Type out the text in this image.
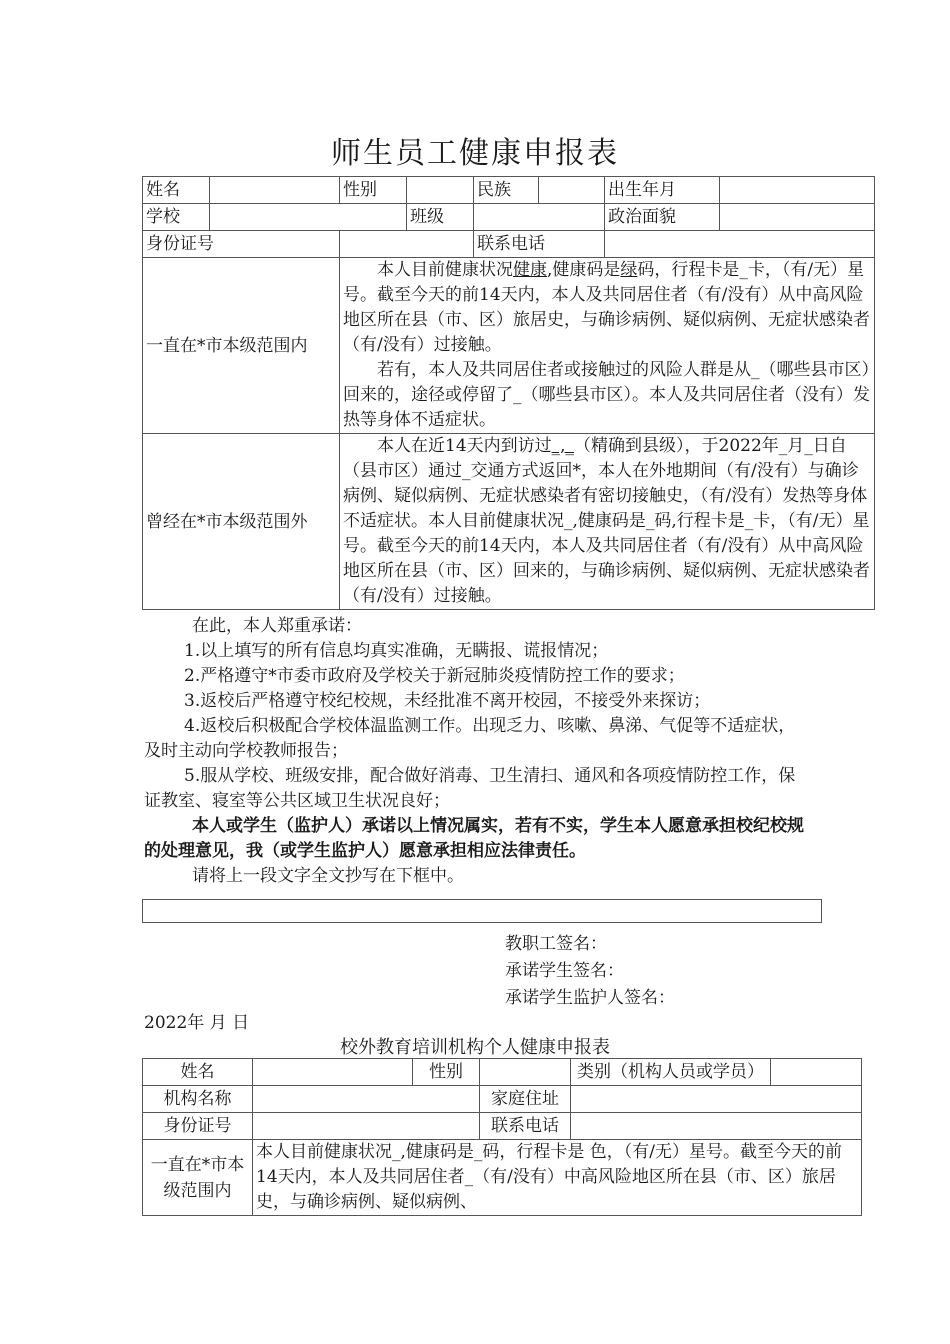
师生员工健康申报表
姓名		性别		民族		出生年月	
学校			班级			政治面貌	
身份证号				联系电话			
一直在*市本级范围内		本人目前健康状况健康,健康码是绿码，行程卡是_卡，（有/无）星号。截至今天的前14天内，本人及共同居住者（有/没有）从中高风险地区所在县（市、区）旅居史，与确诊病例、疑似病例、无症状感染者（有/没有）过接触。

若有，本人及共同居住者或接触过的风险人群是从_（哪些县市区）回来的，途径或停留了_（哪些县市区）。本人及共同居住者（没有）发热等身体不适症状。					

曾经在*市本级范围外		本人在近14天内到访过_,_（精确到县级），于2022年_月_日自（县市区）通过_交通方式返回*，本人在外地期间（有/没有）与确诊病例、疑似病例、无症状感染者有密切接触史，（有/没有）发热等身体不适症状。本人目前健康状况_,健康码是_码,行程卡是_卡，（有/无）星号。截至今天的前14天内，本人及共同居住者（有/没有）从中高风险地区所在县（市、区）回来的，与确诊病例、疑似病例、无症状感染者（有/没有）过接触。					

在此，本人郑重承诺：

1.以上填写的所有信息均真实准确，无瞒报、谎报情况；

2.严格遵守*市委市政府及学校关于新冠肺炎疫情防控工作的要求；

3.返校后严格遵守校纪校规，未经批准不离开校园，不接受外来探访；

4.返校后积极配合学校体温监测工作。出现乏力、咳嗽、鼻涕、气促等不适症状，及时主动向学校教师报告；

5.服从学校、班级安排，配合做好消毒、卫生清扫、通风和各项疫情防控工作，保证教室、寝室等公共区域卫生状况良好；

本人或学生（监护人）承诺以上情况属实，若有不实，学生本人愿意承担校纪校规的处理意见，我（或学生监护人）愿意承担相应法律责任。

请将上一段文字全文抄写在下框中。

教职工签名：
承诺学生签名：
承诺学生监护人签名：
2022年 月 日
校外教育培训机构个人健康申报表
姓名		性别		类别（机构人员或学员）	
机构名称			家庭住址		
身份证号			联系电话		
一直在*市本级范围内	本人目前健康状况_,健康码是_码，行程卡是 色，（有/无）星号。截至今天的前14天内，本人及共同居住者_（有/没有）中高风险地区所在县（市、区）旅居史，与确诊病例、疑似病例、				
